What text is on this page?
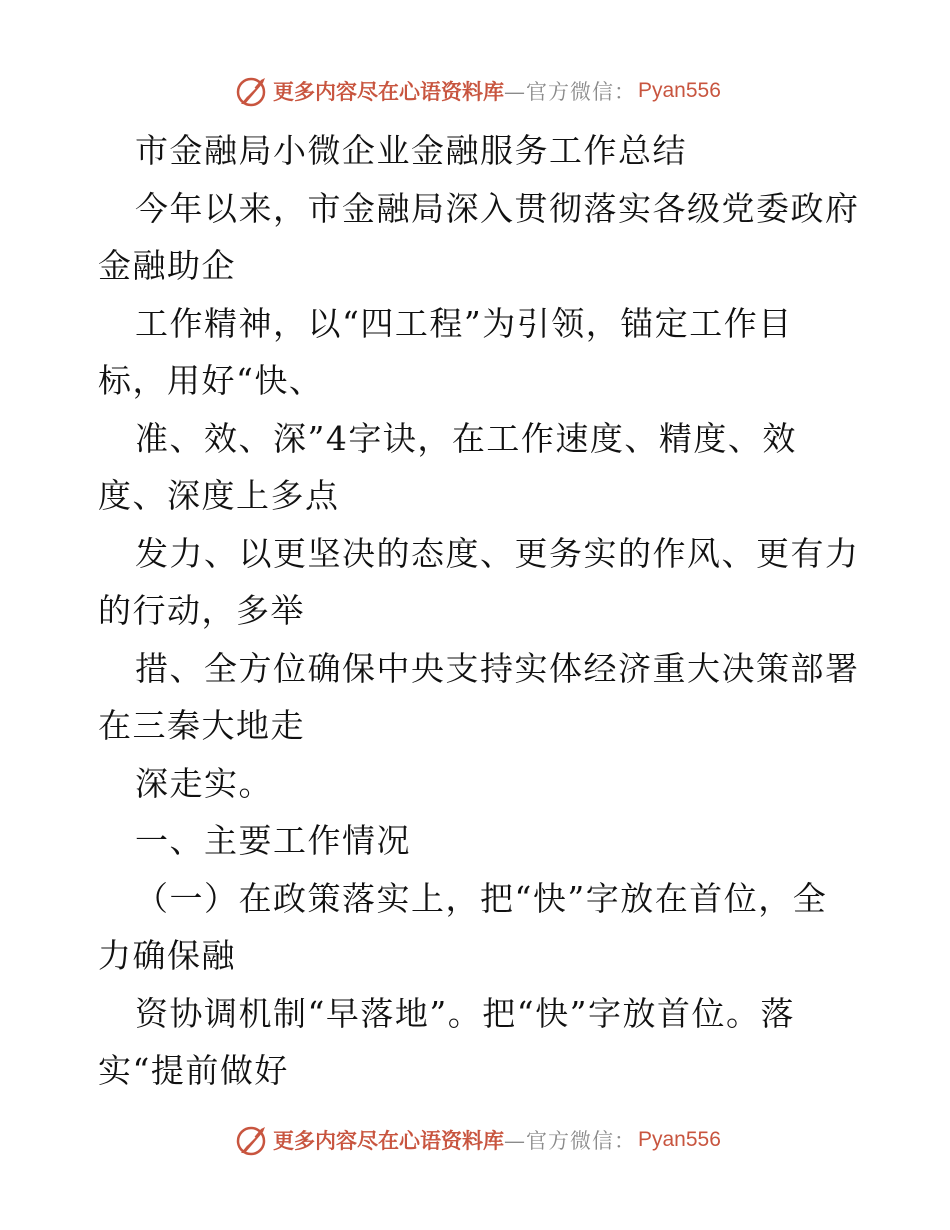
更多内容尽在心语资料库 —官方微信： Pyan556
市金融局小微企业金融服务工作总结
今年以来，市金融局深入贯彻落实各级党委政府
金融助企
工作精神，以“四工程”为引领，锚定工作目
标，用好“快、
准、效、深”4字诀，在工作速度、精度、效
度、深度上多点
发力、以更坚决的态度、更务实的作风、更有力
的行动，多举
措、全方位确保中央支持实体经济重大决策部署
在三秦大地走
深走实。
一、主要工作情况
（一）在政策落实上，把“快”字放在首位，全
力确保融
资协调机制“早落地”。把“快”字放首位。落
实“提前做好
更多内容尽在心语资料库 —官方微信： Pyan556
